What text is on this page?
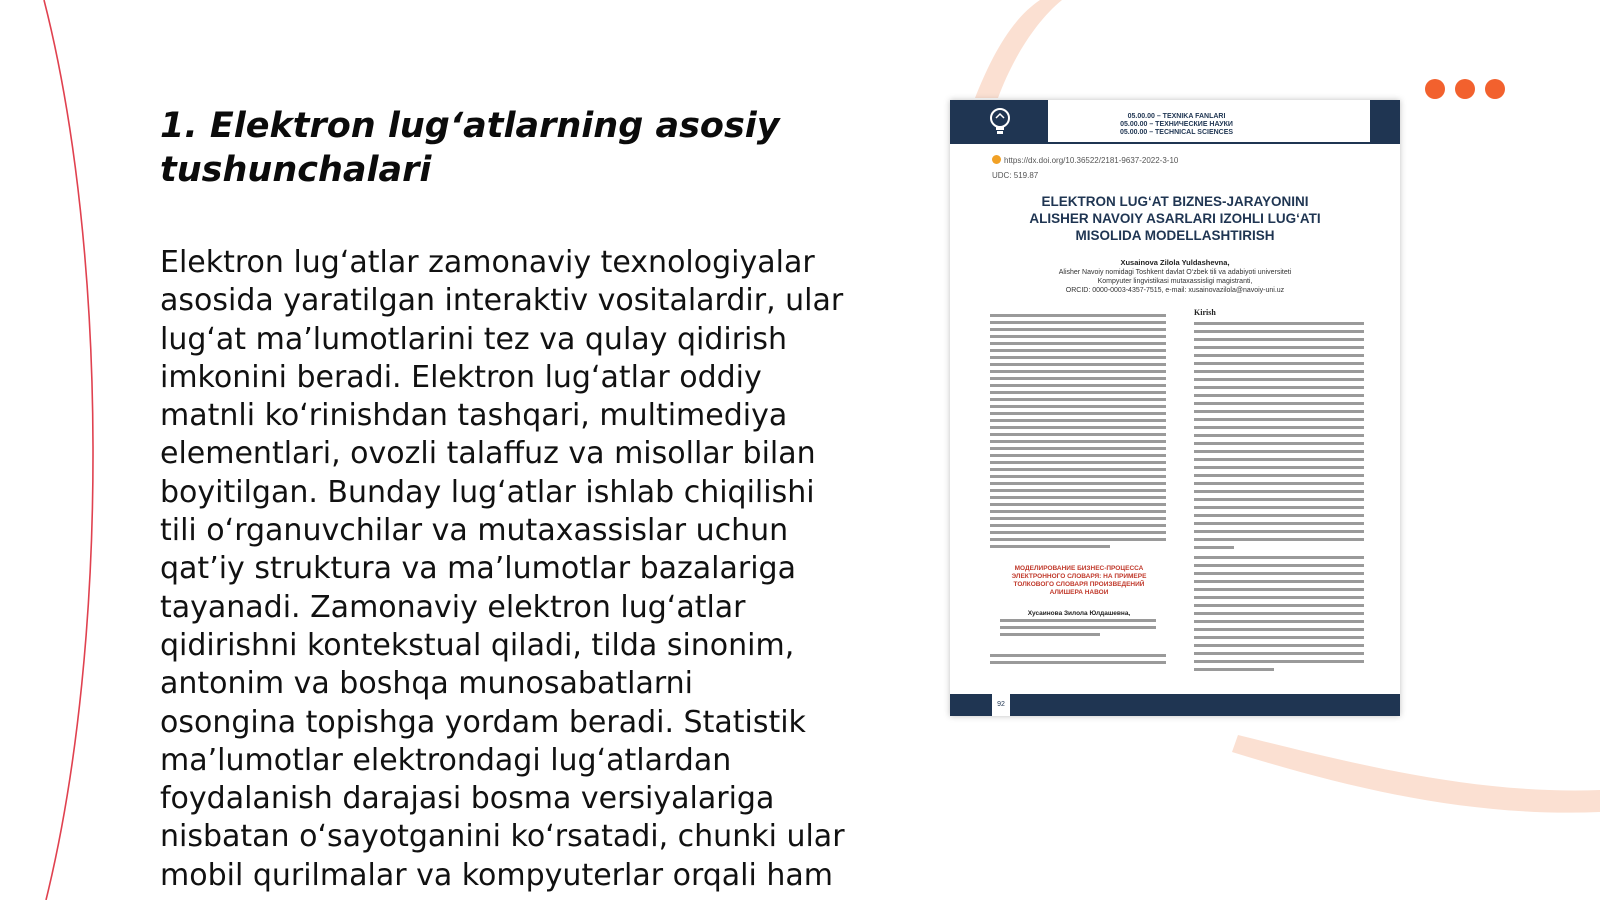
1. Elektron lug‘atlarning asosiy tushunchalari

Elektron lug‘atlar zamonaviy texnologiyalar
asosida yaratilgan interaktiv vositalardir, ular
lug‘at ma’lumotlarini tez va qulay qidirish
imkonini beradi. Elektron lug‘atlar oddiy
matnli ko‘rinishdan tashqari, multimediya
elementlari, ovozli talaffuz va misollar bilan
boyitilgan. Bunday lug‘atlar ishlab chiqilishi
tili o‘rganuvchilar va mutaxassislar uchun
qat’iy struktura va ma’lumotlar bazalariga
tayanadi. Zamonaviy elektron lug‘atlar
qidirishni kontekstual qiladi, tilda sinonim,
antonim va boshqa munosabatlarni
osongina topishga yordam beradi. Statistik
ma’lumotlar elektrondagi lug‘atlardan
foydalanish darajasi bosma versiyalariga
nisbatan o‘sayotganini ko‘rsatadi, chunki ular
mobil qurilmalar va kompyuterlar orqali ham

05.00.00 – TEXNIKA FANLARI
05.00.00 – ТЕХНИЧЕСКИЕ НАУКИ
05.00.00 – TECHNICAL SCIENCES
https://dx.doi.org/10.36522/2181-9637-2022-3-10
UDC: 519.87
ELEKTRON LUG‘AT BIZNES-JARAYONINI
ALISHER NAVOIY ASARLARI IZOHLI LUG‘ATI
MISOLIDA MODELLASHTIRISH
Xusainova Zilola Yuldashevna,
Alisher Navoiy nomidagi Toshkent davlat O‘zbek tili va adabiyoti universiteti
Kompyuter lingvistikasi mutaxassisligi magistranti,
ORCID: 0000-0003-4357-7515, e-mail: xusainovazilola@navoiy-uni.uz
Kirish
МОДЕЛИРОВАНИЕ БИЗНЕС-ПРОЦЕССА
ЭЛЕКТРОННОГО СЛОВАРЯ: НА ПРИМЕРЕ
ТОЛКОВОГО СЛОВАРЯ ПРОИЗВЕДЕНИЙ
АЛИШЕРА НАВОИ
Хусаинова Зилола Юлдашевна,
92
